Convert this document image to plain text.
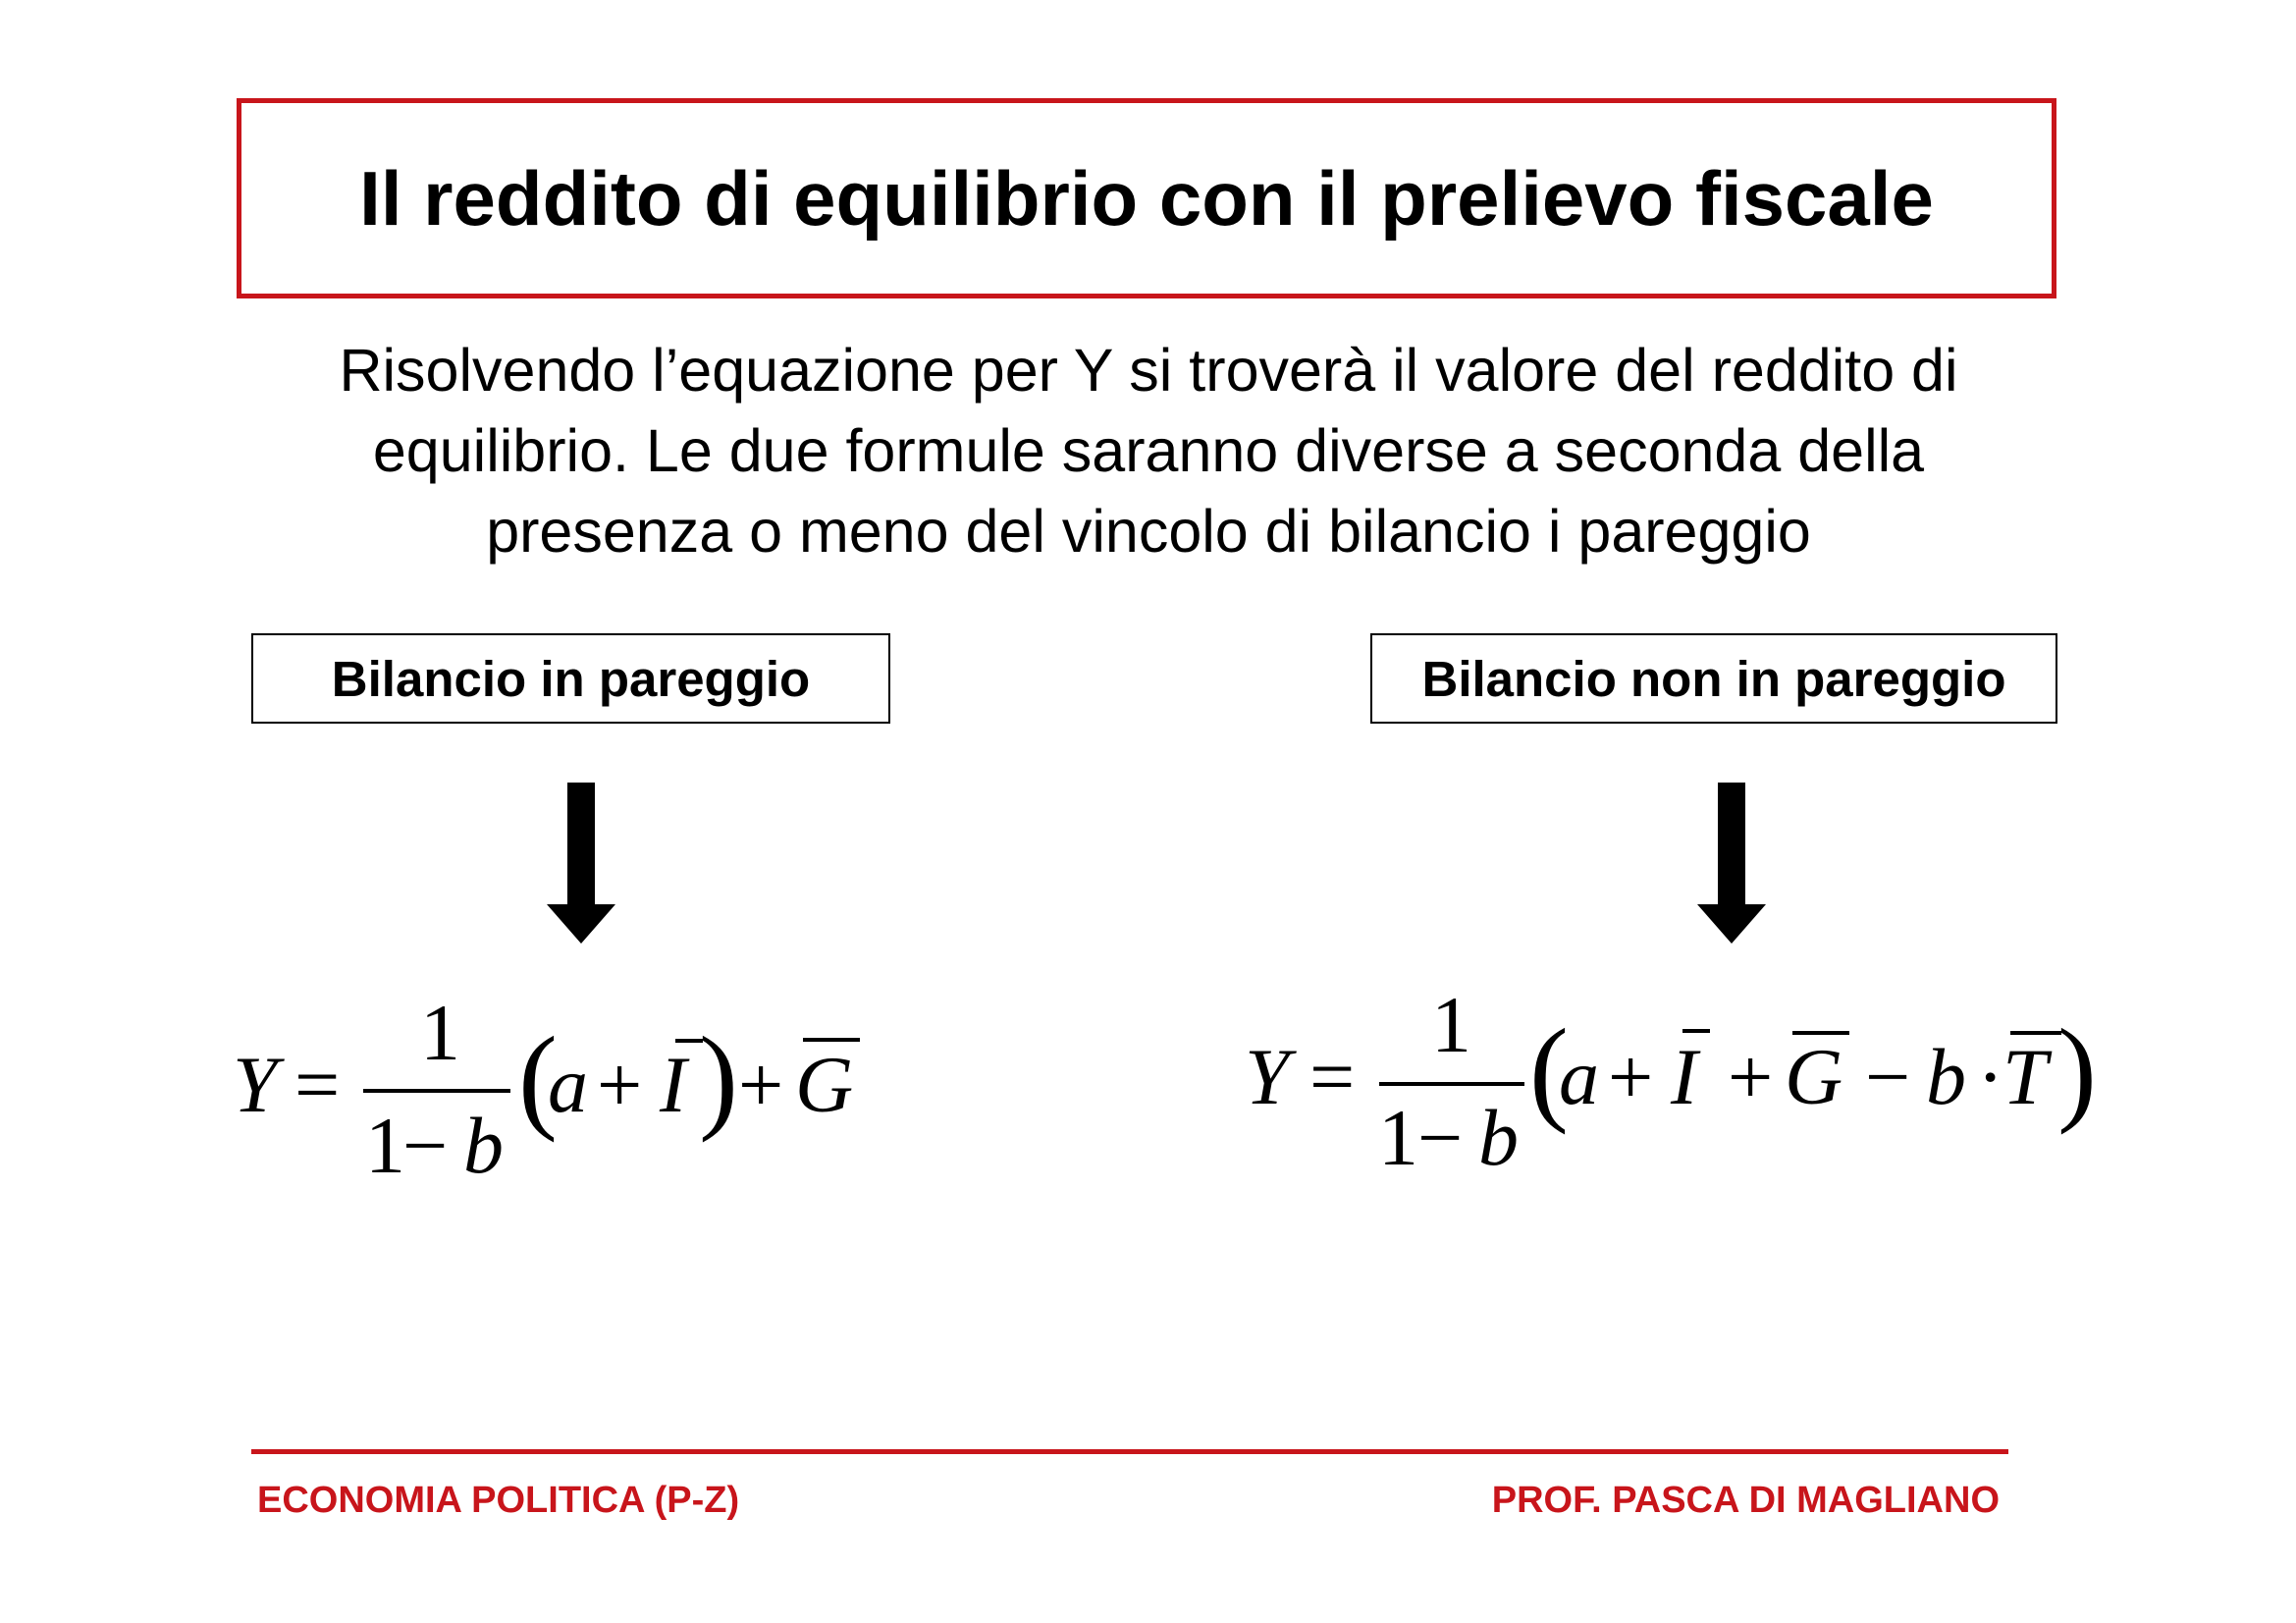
Il reddito di equilibrio con il prelievo fiscale
Risolvendo l’equazione per Y si troverà il valore del reddito di equilibrio. Le due formule saranno diverse a seconda della presenza o meno del vincolo di bilancio i pareggio
Bilancio in pareggio	Bilancio non in pareggio
Y =
1
1
− b
(
a + I ) + G	Y =
1
1 − b
(
a + I + G − b ·
T )
ECONOMIA POLITICA (P-Z)	PROF. PASCA DI MAGLIANO
